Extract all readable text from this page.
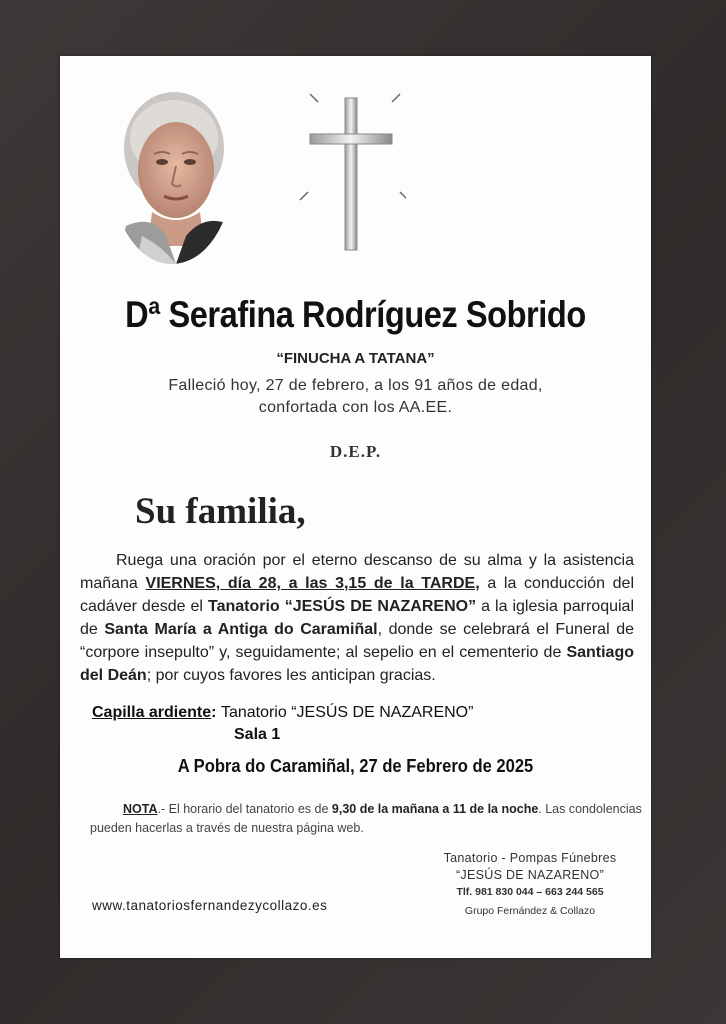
Dª Serafina Rodríguez Sobrido
“FINUCHA A TATANA”
Falleció hoy, 27 de febrero, a los 91 años de edad,
confortada con los AA.EE.
D.E.P.
Su familia,
Ruega una oración por el eterno descanso de su alma y la asistencia mañana VIERNES, día 28, a las 3,15 de la TARDE, a la conducción del cadáver desde el Tanatorio “JESÚS DE NAZARENO” a la iglesia parroquial de Santa María a Antiga do Caramiñal, donde se celebrará el Funeral de “corpore insepulto” y, seguidamente; al sepelio en el cementerio de Santiago del Deán; por cuyos favores les anticipan gracias.
Capilla ardiente: Tanatorio “JESÚS DE NAZARENO”
Sala 1
A Pobra do Caramiñal, 27 de Febrero de 2025
NOTA.- El horario del tanatorio es de 9,30 de la mañana a 11 de la noche. Las condolencias pueden hacerlas a través de nuestra página web.
Tanatorio - Pompas Fúnebres
“JESÚS DE NAZARENO”
Tlf. 981 830 044 – 663 244 565
Grupo Fernández & Collazo
www.tanatoriosfernandezycollazo.es
